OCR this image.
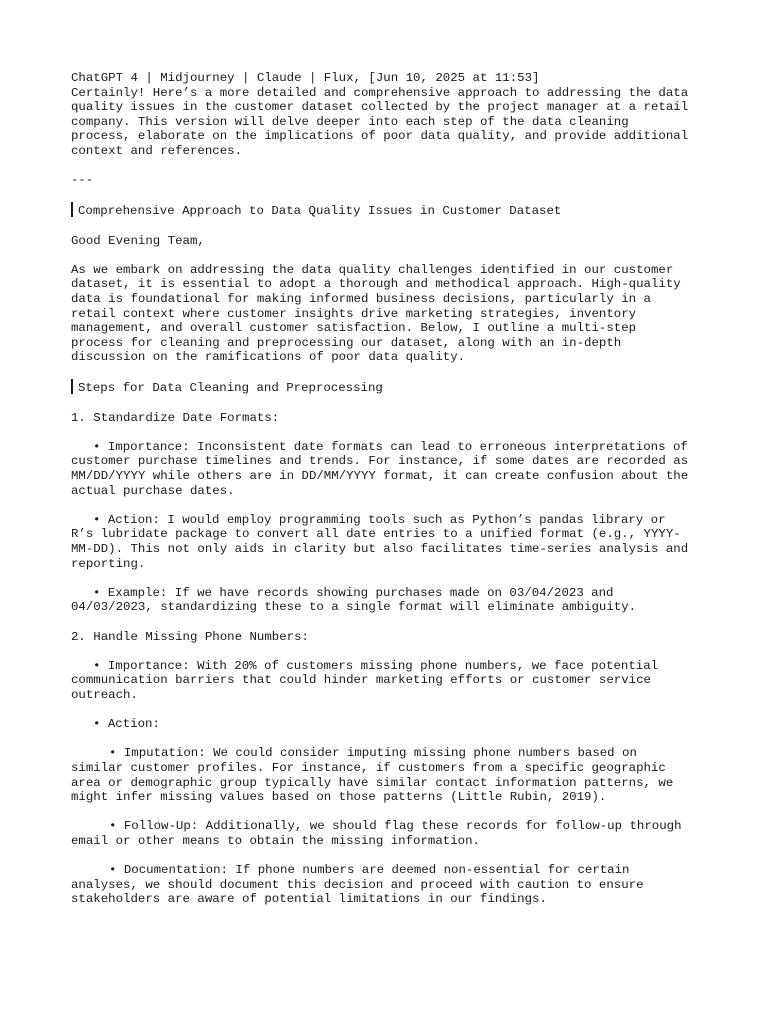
ChatGPT 4 | Midjourney | Claude | Flux, [Jun 10, 2025 at 11:53]
Certainly! Here’s a more detailed and comprehensive approach to addressing the data
quality issues in the customer dataset collected by the project manager at a retail
company. This version will delve deeper into each step of the data cleaning
process, elaborate on the implications of poor data quality, and provide additional
context and references.
---
Comprehensive Approach to Data Quality Issues in Customer Dataset
Good Evening Team,
As we embark on addressing the data quality challenges identified in our customer
dataset, it is essential to adopt a thorough and methodical approach. High-quality
data is foundational for making informed business decisions, particularly in a
retail context where customer insights drive marketing strategies, inventory
management, and overall customer satisfaction. Below, I outline a multi-step
process for cleaning and preprocessing our dataset, along with an in-depth
discussion on the ramifications of poor data quality.
Steps for Data Cleaning and Preprocessing
1. Standardize Date Formats:
• Importance: Inconsistent date formats can lead to erroneous interpretations of
customer purchase timelines and trends. For instance, if some dates are recorded as
MM/DD/YYYY while others are in DD/MM/YYYY format, it can create confusion about the
actual purchase dates.
• Action: I would employ programming tools such as Python’s pandas library or
R’s lubridate package to convert all date entries to a unified format (e.g., YYYY-
MM-DD). This not only aids in clarity but also facilitates time-series analysis and
reporting.
• Example: If we have records showing purchases made on 03/04/2023 and
04/03/2023, standardizing these to a single format will eliminate ambiguity.
2. Handle Missing Phone Numbers:
• Importance: With 20% of customers missing phone numbers, we face potential
communication barriers that could hinder marketing efforts or customer service
outreach.
• Action:
• Imputation: We could consider imputing missing phone numbers based on
similar customer profiles. For instance, if customers from a specific geographic
area or demographic group typically have similar contact information patterns, we
might infer missing values based on those patterns (Little Rubin, 2019).
• Follow-Up: Additionally, we should flag these records for follow-up through
email or other means to obtain the missing information.
• Documentation: If phone numbers are deemed non-essential for certain
analyses, we should document this decision and proceed with caution to ensure
stakeholders are aware of potential limitations in our findings.
